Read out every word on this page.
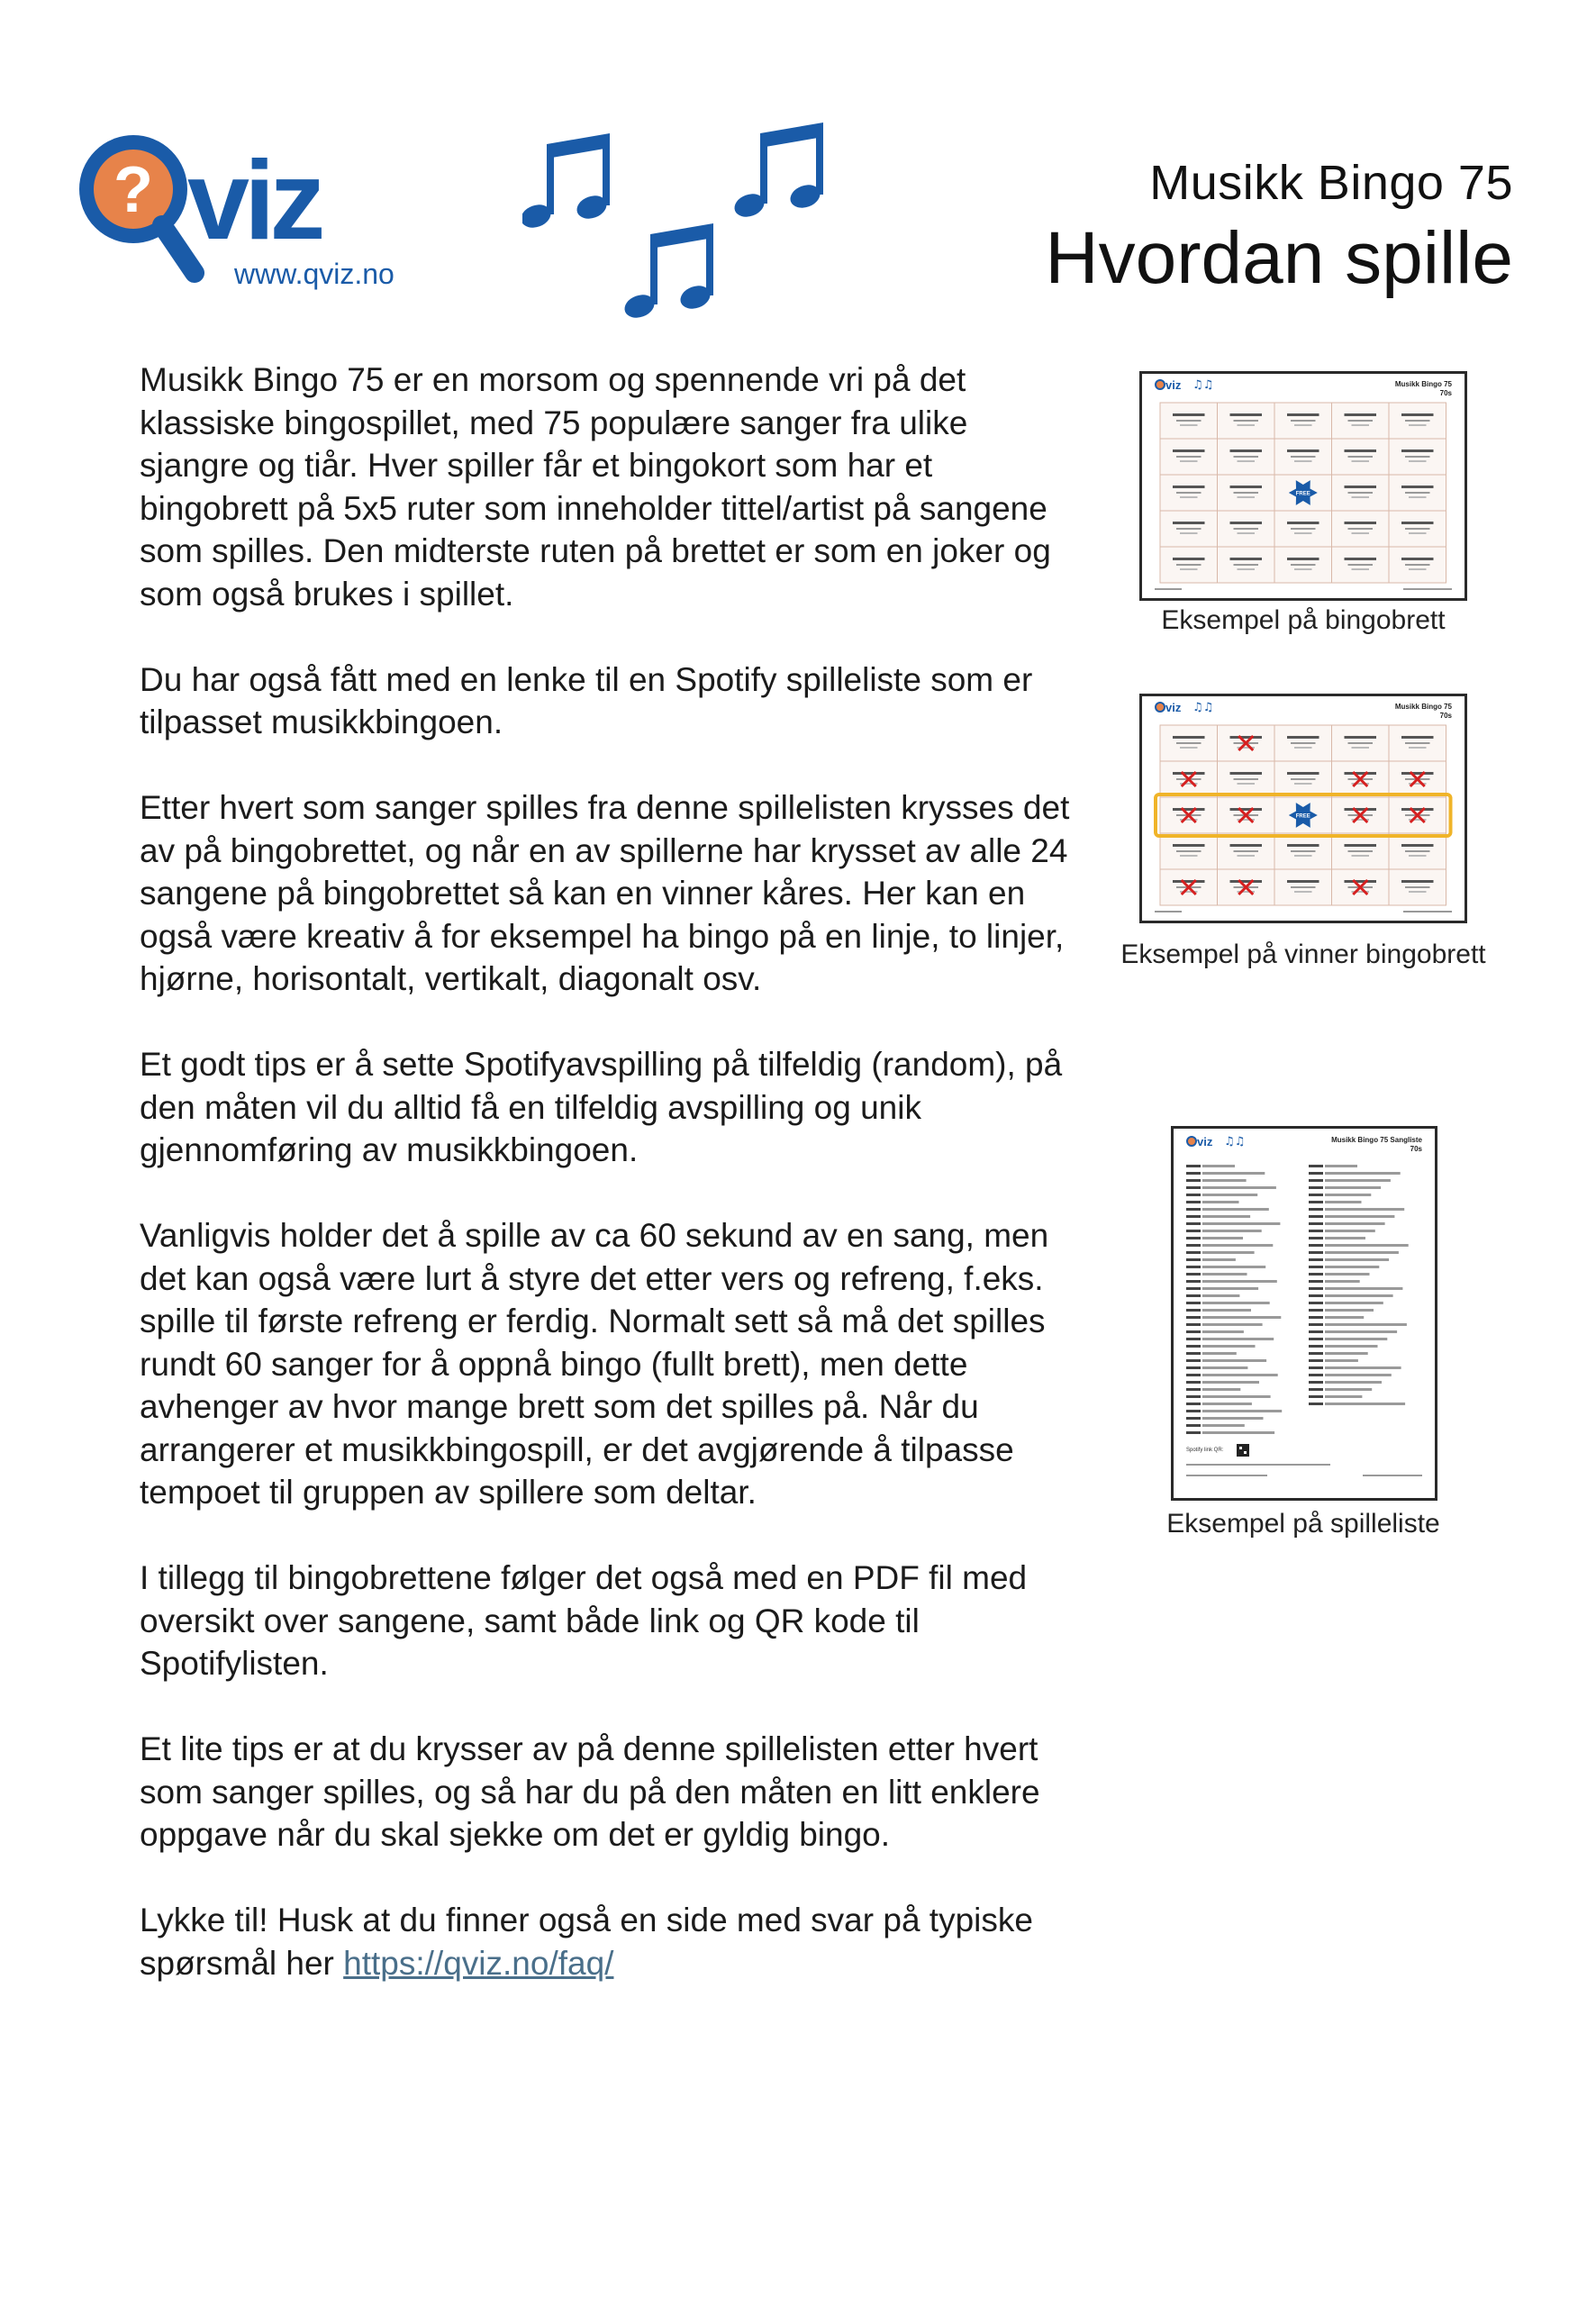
? viz
www.qviz.no
Musikk Bingo 75
Hvordan spille

Musikk Bingo 75 er en morsom og spennende vri på det klassiske bingospillet, med 75 populære sanger fra ulike sjangre og tiår. Hver spiller får et bingokort som har et bingobrett på 5x5 ruter som inneholder tittel/artist på sangene som spilles. Den midterste ruten på brettet er som en joker og som også brukes i spillet.

Du har også fått med en lenke til en Spotify spilleliste som er tilpasset musikkbingoen.

Etter hvert som sanger spilles fra denne spillelisten krysses det av på bingobrettet, og når en av spillerne har krysset av alle 24 sangene på bingobrettet så kan en vinner kåres. Her kan en også være kreativ å for eksempel ha bingo på en linje, to linjer, hjørne, horisontalt, vertikalt, diagonalt osv.

Et godt tips er å sette Spotifyavspilling på tilfeldig (random), på den måten vil du alltid få en tilfeldig avspilling og unik gjennomføring av musikkbingoen.

Vanligvis holder det å spille av ca 60 sekund av en sang, men det kan også være lurt å styre det etter vers og refreng, f.eks. spille til første refreng er ferdig. Normalt sett så må det spilles rundt 60 sanger for å oppnå bingo (fullt brett), men dette avhenger av hvor mange brett som det spilles på. Når du arrangerer et musikkbingospill, er det avgjørende å tilpasse tempoet til gruppen av spillere som deltar.

I tillegg til bingobrettene følger det også med en PDF fil med oversikt over sangene, samt både link og QR kode til Spotifylisten.

Et lite tips er at du krysser av på denne spillelisten etter hvert som sanger spilles, og så har du på den måten en litt enklere oppgave når du skal sjekke om det er gyldig bingo.

Lykke til! Husk at du finner også en side med svar på typiske spørsmål her https://qviz.no/faq/

viz ♫♫	Musikk Bingo 75
70s
FREE
Eksempel på bingobrett
viz ♫♫	Musikk Bingo 75
70s
FREE
Eksempel på vinner bingobrett
viz ♫♫	Musikk Bingo 75 Sangliste
70s
Spotify link QR:
Eksempel på spilleliste
